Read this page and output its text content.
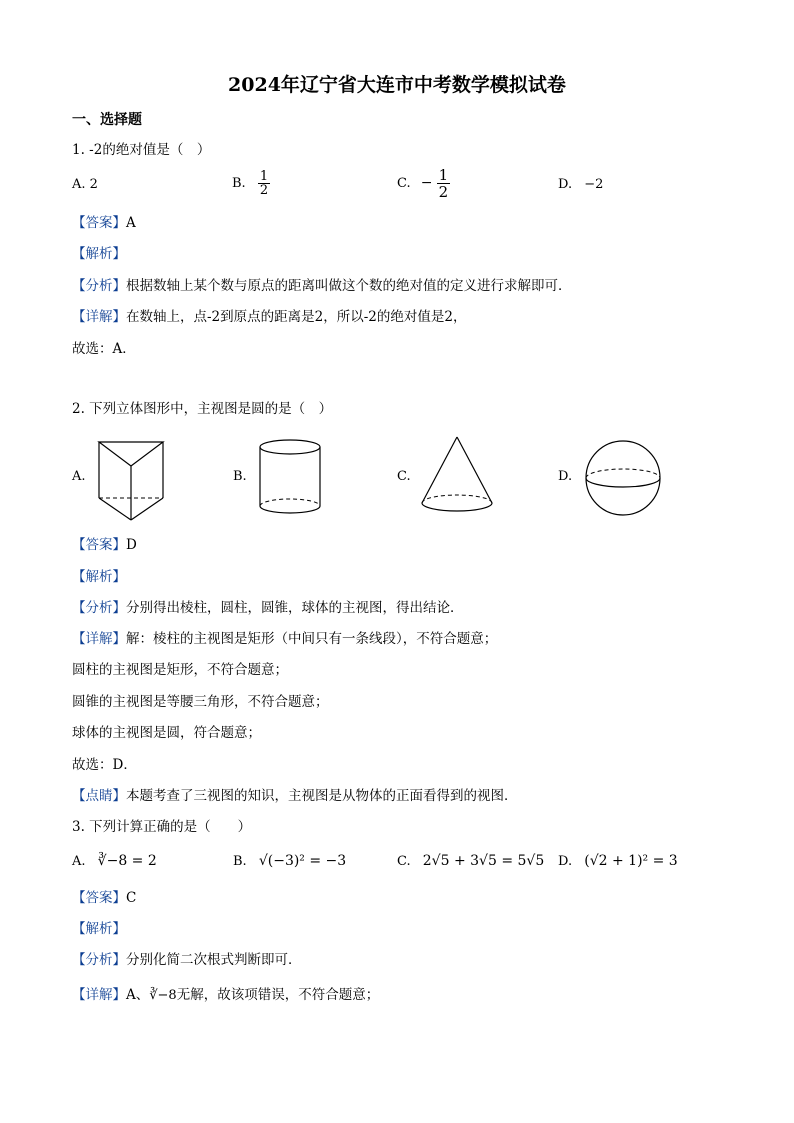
2024年辽宁省大连市中考数学模拟试卷
一、选择题
1. -2的绝对值是（　）
A. 2	B. $\frac{1}{2}$	C. − $\frac{1}{2}$	D. −2
【答案】A
【解析】
【分析】根据数轴上某个数与原点的距离叫做这个数的绝对值的定义进行求解即可．
【详解】在数轴上，点-2到原点的距离是2，所以-2的绝对值是2，
故选：A．
2. 下列立体图形中，主视图是圆的是（　）
A.	B.	C.	D.
【答案】D
【解析】
【分析】分别得出棱柱，圆柱，圆锥，球体的主视图，得出结论．
【详解】解：棱柱的主视图是矩形（中间只有一条线段），不符合题意；
圆柱的主视图是矩形，不符合题意；
圆锥的主视图是等腰三角形，不符合题意；
球体的主视图是圆，符合题意；
故选：D．
【点睛】本题考查了三视图的知识，主视图是从物体的正面看得到的视图．
3. 下列计算正确的是（　　）
A. ∛−8 = 2	B. √(−3)² = −3	C. 2√5 + 3√5 = 5√5 D. (√2 + 1)² = 3
【答案】C
【解析】
【分析】分别化简二次根式判断即可．
【详解】A、∛−8无解，故该项错误，不符合题意；
